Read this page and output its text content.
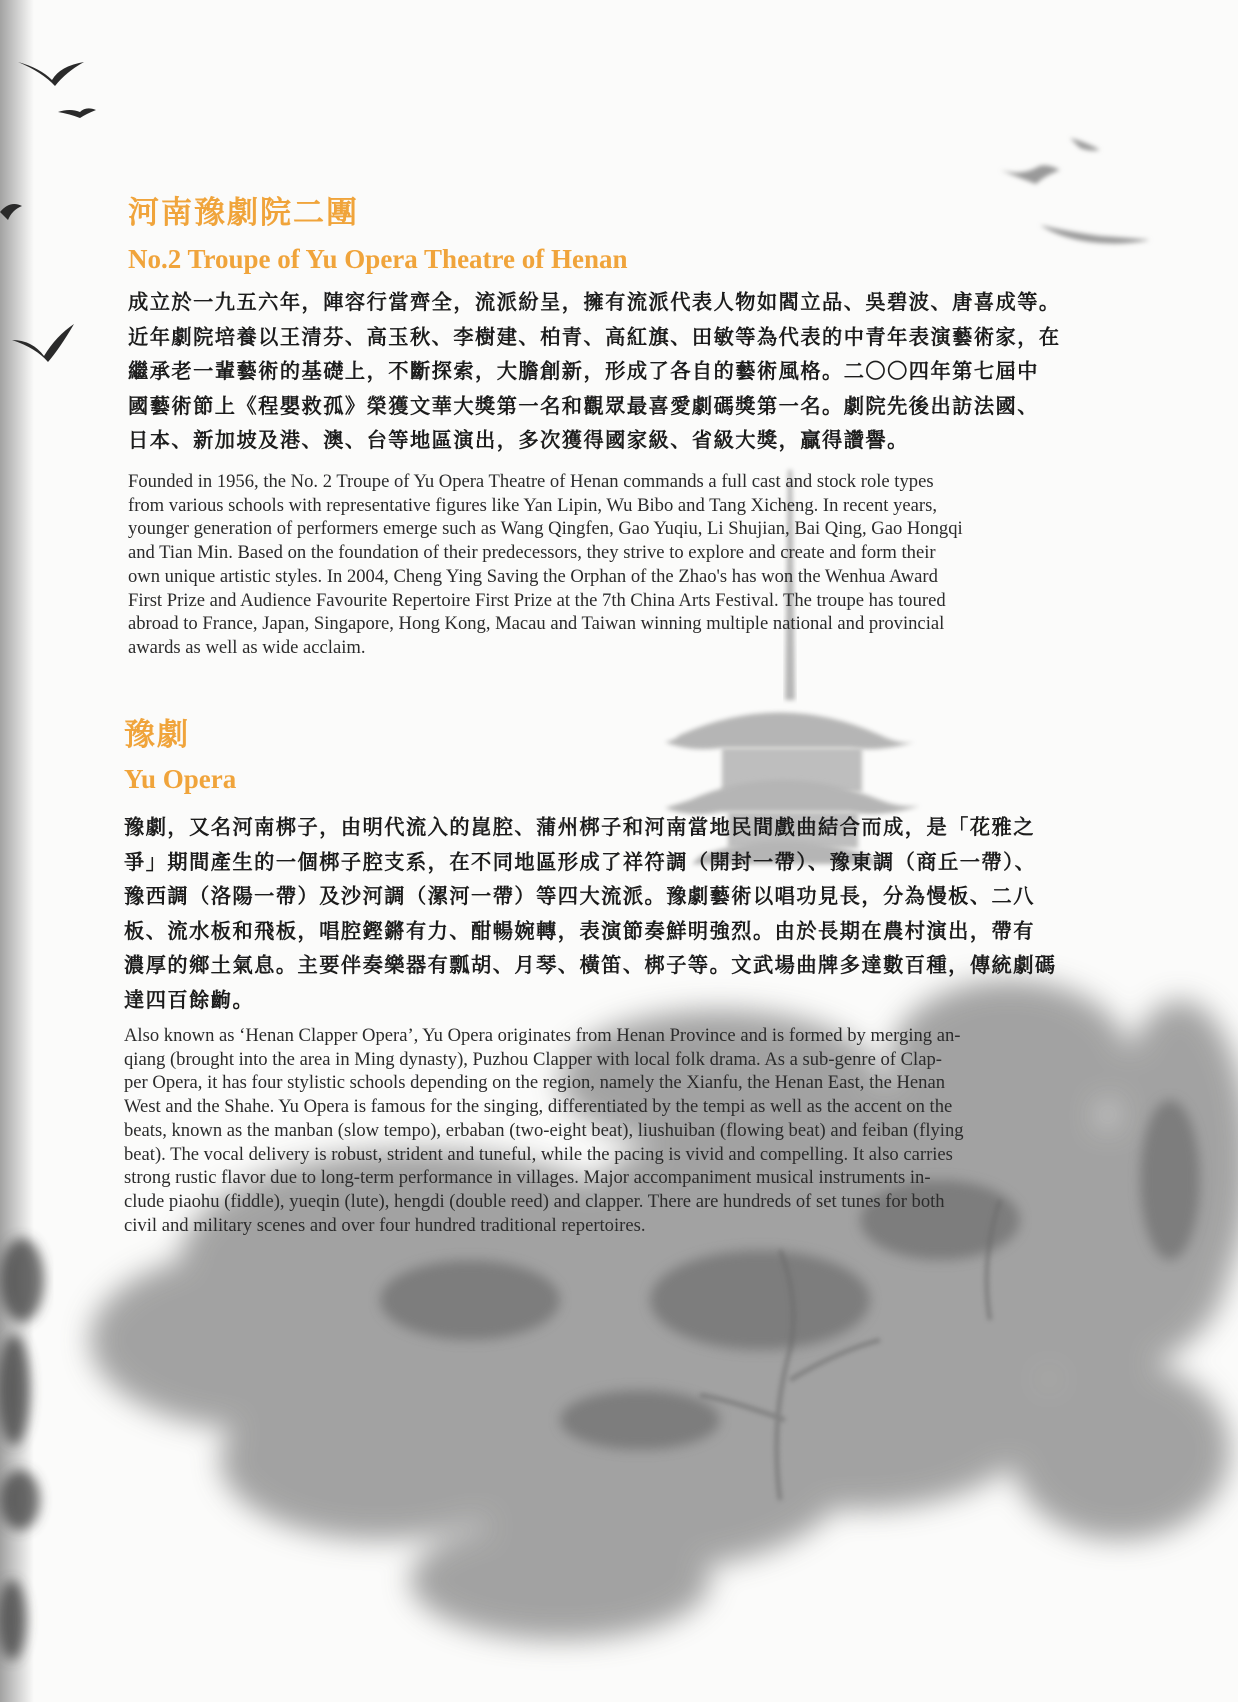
河南豫劇院二團
No.2 Troupe of Yu Opera Theatre of Henan

成立於一九五六年，陣容行當齊全，流派紛呈，擁有流派代表人物如閻立品、吳碧波、唐喜成等。
近年劇院培養以王清芬、高玉秋、李樹建、柏青、高紅旗、田敏等為代表的中青年表演藝術家，在
繼承老一輩藝術的基礎上，不斷探索，大膽創新，形成了各自的藝術風格。二〇〇四年第七屆中
國藝術節上《程嬰救孤》榮獲文華大獎第一名和觀眾最喜愛劇碼獎第一名。劇院先後出訪法國、
日本、新加坡及港、澳、台等地區演出，多次獲得國家級、省級大獎，贏得讚譽。

Founded in 1956, the No. 2 Troupe of Yu Opera Theatre of Henan commands a full cast and stock role types
from various schools with representative figures like Yan Lipin, Wu Bibo and Tang Xicheng. In recent years,
younger generation of performers emerge such as Wang Qingfen, Gao Yuqiu, Li Shujian, Bai Qing, Gao Hongqi
and Tian Min. Based on the foundation of their predecessors, they strive to explore and create and form their
own unique artistic styles. In 2004, Cheng Ying Saving the Orphan of the Zhao's has won the Wenhua Award
First Prize and Audience Favourite Repertoire First Prize at the 7th China Arts Festival. The troupe has toured
abroad to France, Japan, Singapore, Hong Kong, Macau and Taiwan winning multiple national and provincial
awards as well as wide acclaim.

豫劇
Yu Opera

豫劇，又名河南梆子，由明代流入的崑腔、蒲州梆子和河南當地民間戲曲結合而成，是「花雅之
爭」期間產生的一個梆子腔支系，在不同地區形成了祥符調（開封一帶）、豫東調（商丘一帶）、
豫西調（洛陽一帶）及沙河調（漯河一帶）等四大流派。豫劇藝術以唱功見長，分為慢板、二八
板、流水板和飛板，唱腔鏗鏘有力、酣暢婉轉，表演節奏鮮明強烈。由於長期在農村演出，帶有
濃厚的鄉土氣息。主要伴奏樂器有瓢胡、月琴、橫笛、梆子等。文武場曲牌多達數百種，傳統劇碼
達四百餘齣。

Also known as ‘Henan Clapper Opera’, Yu Opera originates from Henan Province and is formed by merging an-
qiang (brought into the area in Ming dynasty), Puzhou Clapper with local folk drama. As a sub-genre of Clap-
per Opera, it has four stylistic schools depending on the region, namely the Xianfu, the Henan East, the Henan
West and the Shahe. Yu Opera is famous for the singing, differentiated by the tempi as well as the accent on the
beats, known as the manban (slow tempo), erbaban (two-eight beat), liushuiban (flowing beat) and feiban (flying
beat). The vocal delivery is robust, strident and tuneful, while the pacing is vivid and compelling. It also carries
strong rustic flavor due to long-term performance in villages. Major accompaniment musical instruments in-
clude piaohu (fiddle), yueqin (lute), hengdi (double reed) and clapper. There are hundreds of set tunes for both
civil and military scenes and over four hundred traditional repertoires.
